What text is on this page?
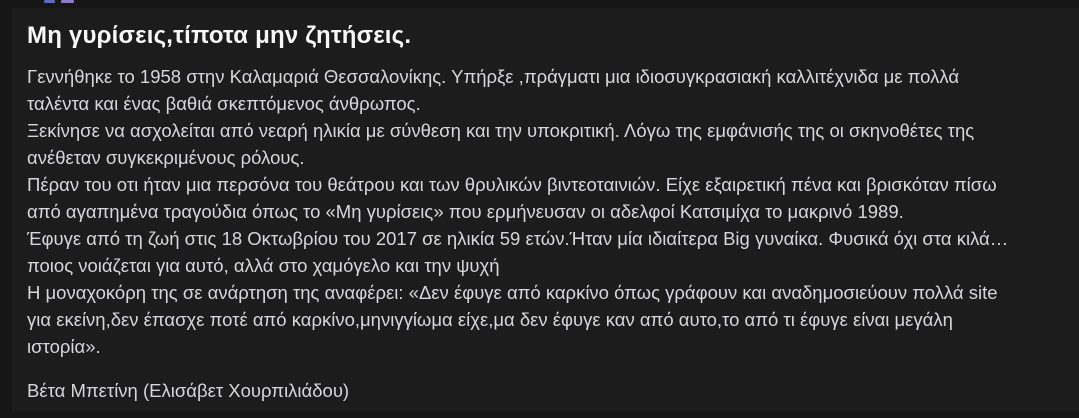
Μη γυρίσεις,τίποτα μην ζητήσεις.
Γεννήθηκε το 1958 στην Καλαμαριά Θεσσαλονίκης. Υπήρξε ,πράγματι μια ιδιοσυγκρασιακή καλλιτέχνιδα με πολλά
ταλέντα και ένας βαθιά σκεπτόμενος άνθρωπος.
Ξεκίνησε να ασχολείται από νεαρή ηλικία με σύνθεση και την υποκριτική. Λόγω της εμφάνισής της οι σκηνοθέτες της
ανέθεταν συγκεκριμένους ρόλους.
Πέραν του οτι ήταν μια περσόνα του θεάτρου και των θρυλικών βιντεοταινιών. Είχε εξαιρετική πένα και βρισκόταν πίσω
από αγαπημένα τραγούδια όπως το «Μη γυρίσεις» που ερμήνευσαν οι αδελφοί Κατσιμίχα το μακρινό 1989.
Έφυγε από τη ζωή στις 18 Οκτωβρίου του 2017 σε ηλικία 59 ετών.Ήταν μία ιδιαίτερα Big γυναίκα. Φυσικά όχι στα κιλά…
ποιος νοιάζεται για αυτό, αλλά στο χαμόγελο και την ψυχή
Η μοναχοκόρη της σε ανάρτηση της αναφέρει: «Δεν έφυγε από καρκίνο όπως γράφουν και αναδημοσιεύουν πολλά site
για εκείνη,δεν έπασχε ποτέ από καρκίνο,μηνιγγίωμα είχε,μα δεν έφυγε καν από αυτο,το από τι έφυγε είναι μεγάλη
ιστορία».
Βέτα Μπετίνη (Ελισάβετ Χουρπιλιάδου)
